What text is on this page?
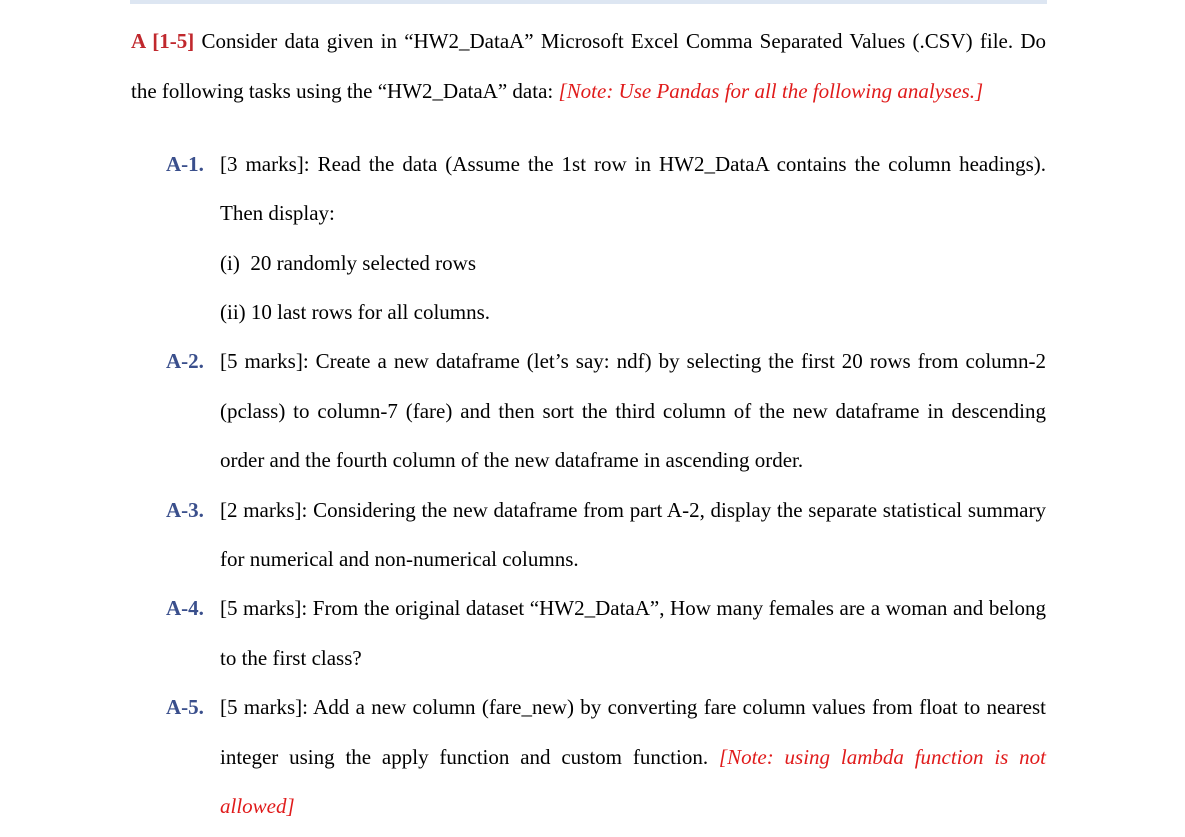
A [1-5] Consider data given in “HW2_DataA” Microsoft Excel Comma Separated Values (.CSV) file. Do
the following tasks using the “HW2_DataA” data: [Note: Use Pandas for all the following analyses.]
A-1. [3 marks]: Read the data (Assume the 1st row in HW2_DataA contains the column headings).
Then display:
(i)  20 randomly selected rows
(ii) 10 last rows for all columns.
A-2. [5 marks]: Create a new dataframe (let’s say: ndf) by selecting the first 20 rows from column-2
(pclass) to column-7 (fare) and then sort the third column of the new dataframe in descending
order and the fourth column of the new dataframe in ascending order.
A-3. [2 marks]: Considering the new dataframe from part A-2, display the separate statistical summary
for numerical and non-numerical columns.
A-4. [5 marks]: From the original dataset “HW2_DataA”, How many females are a woman and belong
to the first class?
A-5. [5 marks]: Add a new column (fare_new) by converting fare column values from float to nearest
integer using the apply function and custom function. [Note: using lambda function is not
allowed]
